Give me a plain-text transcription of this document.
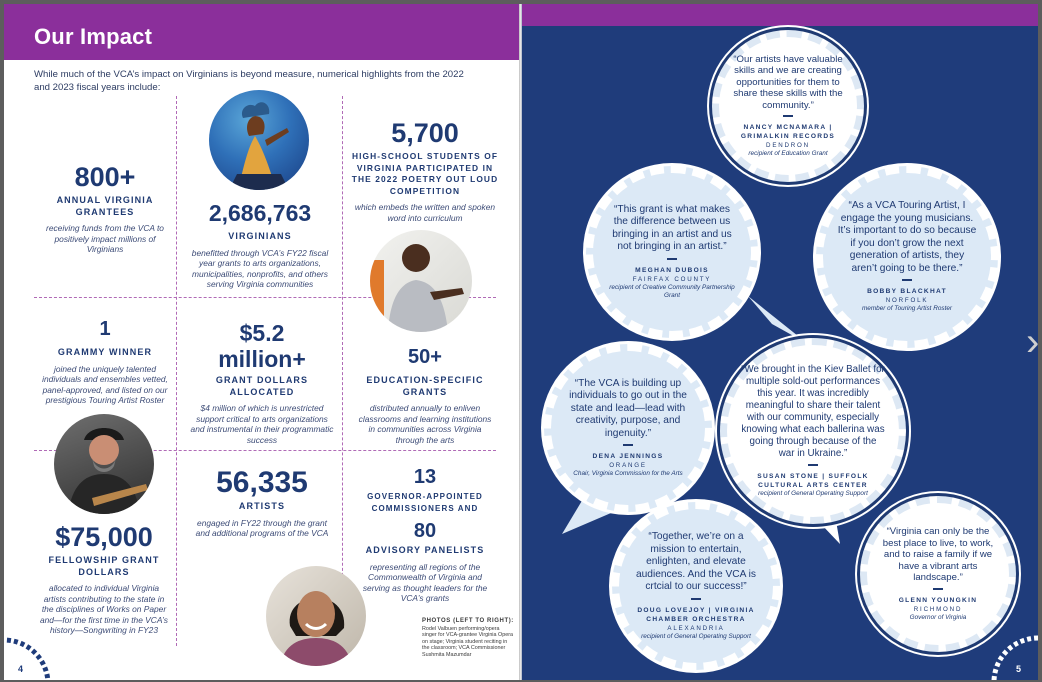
Our Impact
While much of the VCA’s impact on Virginians is beyond measure, numerical highlights from the 2022 and 2023 fiscal years include:
800+
ANNUAL VIRGINIA GRANTEES
receiving funds from the VCA to positively impact millions of Virginians
2,686,763
VIRGINIANS
benefitted through VCA’s FY22 fiscal year grants to arts organizations, municipalities, nonprofits, and others serving Virginia communities
5,700
HIGH-SCHOOL STUDENTS OF VIRGINIA PARTICIPATED IN THE 2022 POETRY OUT LOUD COMPETITION
which embeds the written and spoken word into curriculum
1
GRAMMY WINNER
joined the uniquely talented individuals and ensembles vetted, panel-approved, and listed on our prestigious Touring Artist Roster
$5.2 million+
GRANT DOLLARS ALLOCATED
$4 million of which is unrestricted support critical to arts organizations and instrumental in their programmatic success
50+
EDUCATION-SPECIFIC GRANTS
distributed annually to enliven classrooms and learning institutions in communities across Virginia through the arts
$75,000
FELLOWSHIP GRANT DOLLARS
allocated to individual Virginia artists contributing to the state in the disciplines of Works on Paper and—for the first time in the VCA’s history—Songwriting in FY23
56,335
ARTISTS
engaged in FY22 through the grant and additional programs of the VCA
13
GOVERNOR-APPOINTED COMMISSIONERS AND
80
ADVISORY PANELISTS
representing all regions of the Commonwealth of Virginia and serving as thought leaders for the VCA’s grants
PHOTOS (LEFT TO RIGHT):
Rodel Valbuen performing/opera singer for VCA-grantee Virginia Opera on stage; Virginia student reciting in the classroom; VCA Commissioner Sushmita Mazumdar
4
“Our artists have valuable skills and we are creating opportunities for them to share these skills with the community.”
NANCY MCNAMARA | GRIMALKIN RECORDS
DENDRON
recipient of Education Grant
“This grant is what makes the difference between us bringing in an artist and us not bringing in an artist.”
MEGHAN DUBOIS
FAIRFAX COUNTY
recipient of Creative Community Partnership Grant
“As a VCA Touring Artist, I engage the young musicians. It’s important to do so because if you don’t grow the next generation of artists, they aren’t going to be there.”
BOBBY BLACKHAT
NORFOLK
member of Touring Artist Roster
“The VCA is building up individuals to go out in the state and lead—lead with creativity, purpose, and ingenuity.”
DENA JENNINGS
ORANGE
Chair, Virginia Commission for the Arts
“We brought in the Kiev Ballet for multiple sold-out performances this year. It was incredibly meaningful to share their talent with our community, especially knowing what each ballerina was going through because of the war in Ukraine.”
SUSAN STONE | SUFFOLK CULTURAL ARTS CENTER
recipient of General Operating Support
“Together, we’re on a mission to entertain, enlighten, and elevate audiences. And the VCA is crtcial to our success!”
DOUG LOVEJOY | VIRGINIA CHAMBER ORCHESTRA
ALEXANDRIA
recipient of General Operating Support
“Virginia can only be the best place to live, to work, and to raise a family if we have a vibrant arts landscape.”
GLENN YOUNGKIN
RICHMOND
Governor of Virginia
5
›
